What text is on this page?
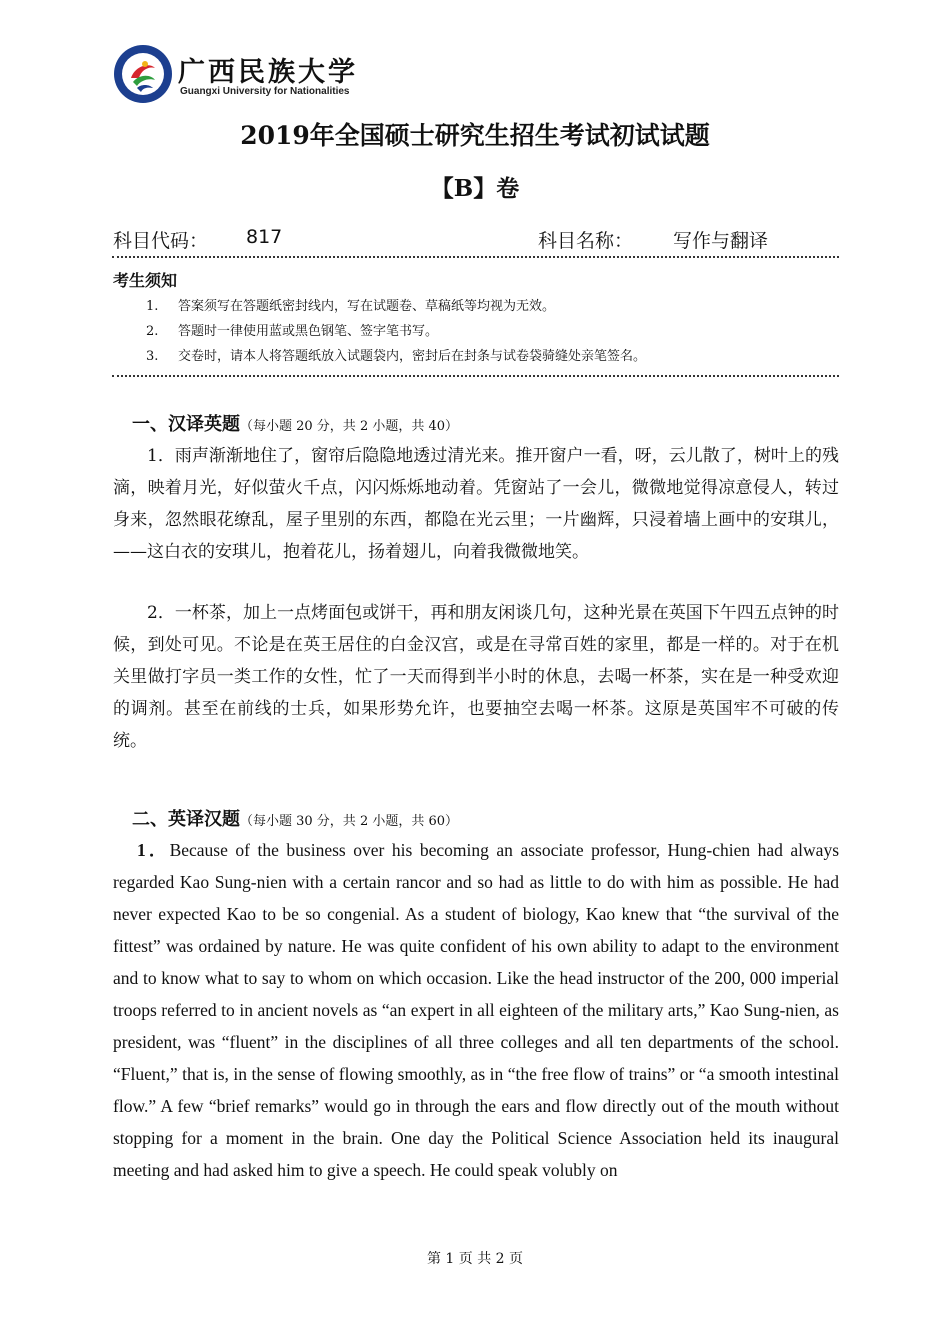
广西民族大学
Guangxi University for Nationalities
2019年全国硕士研究生招生考试初试试题
【B】卷
科目代码： 817	科目名称： 写作与翻译
考生须知
1. 答案须写在答题纸密封线内，写在试题卷、草稿纸等均视为无效。
2. 答题时一律使用蓝或黑色钢笔、签字笔书写。
3. 交卷时，请本人将答题纸放入试题袋内，密封后在封条与试卷袋骑缝处亲笔签名。
一、汉译英题（每小题 20 分，共 2 小题，共 40）
1．雨声渐渐地住了，窗帘后隐隐地透过清光来。推开窗户一看，呀，云儿散了，树叶上的残滴，映着月光，好似萤火千点，闪闪烁烁地动着。凭窗站了一会儿，微微地觉得凉意侵人，转过身来，忽然眼花缭乱，屋子里别的东西，都隐在光云里；一片幽辉，只浸着墙上画中的安琪儿，——这白衣的安琪儿，抱着花儿，扬着翅儿，向着我微微地笑。
2．一杯茶，加上一点烤面包或饼干，再和朋友闲谈几句，这种光景在英国下午四五点钟的时候，到处可见。不论是在英王居住的白金汉宫，或是在寻常百姓的家里，都是一样的。对于在机关里做打字员一类工作的女性，忙了一天而得到半小时的休息，去喝一杯茶，实在是一种受欢迎的调剂。甚至在前线的士兵，如果形势允许，也要抽空去喝一杯茶。这原是英国牢不可破的传统。
二、英译汉题（每小题 30 分，共 2 小题，共 60）
1．Because of the business over his becoming an associate professor, Hung-chien had always regarded Kao Sung-nien with a certain rancor and so had as little to do with him as possible. He had never expected Kao to be so congenial. As a student of biology, Kao knew that “the survival of the fittest” was ordained by nature. He was quite confident of his own ability to adapt to the environment and to know what to say to whom on which occasion. Like the head instructor of the 200, 000 imperial troops referred to in ancient novels as “an expert in all eighteen of the military arts,” Kao Sung-nien, as president, was “fluent” in the disciplines of all three colleges and all ten departments of the school. “Fluent,” that is, in the sense of flowing smoothly, as in “the free flow of trains” or “a smooth intestinal flow.” A few “brief remarks” would go in through the ears and flow directly out of the mouth without stopping for a moment in the brain. One day the Political Science Association held its inaugural meeting and had asked him to give a speech. He could speak volubly on
第 1 页 共 2 页
